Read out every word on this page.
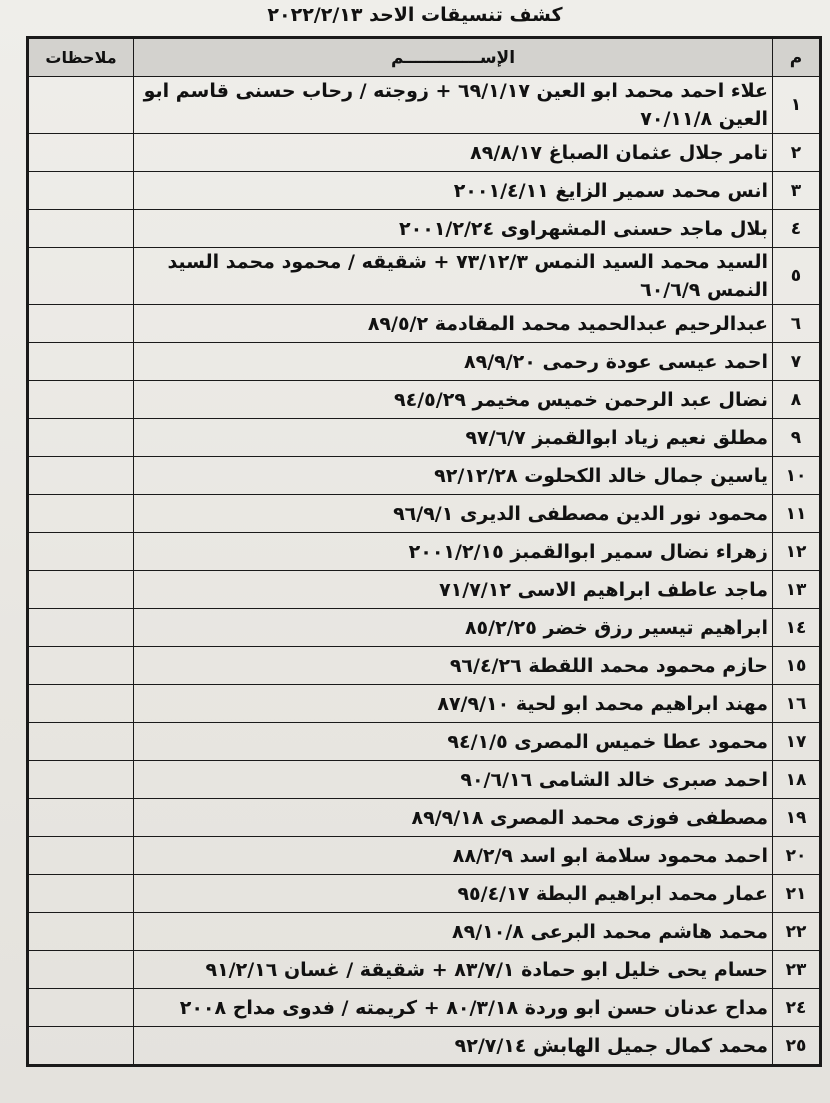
كشف تنسيقات الاحد ٢٠٢٢/٢/١٣
م	الإســـــــــــــم	ملاحظات
١	علاء احمد محمد ابو العين ٦٩/١/١٧ + زوجته / رحاب حسنى قاسم ابو العين ٧٠/١١/٨	
٢	تامر جلال عثمان الصباغ ٨٩/٨/١٧	
٣	انس محمد سمير الزايغ ٢٠٠١/٤/١١	
٤	بلال ماجد حسنى المشهراوى ٢٠٠١/٢/٢٤	
٥	السيد محمد السيد النمس ٧٣/١٢/٣ + شقيقه / محمود محمد السيد النمس ٦٠/٦/٩	
٦	عبدالرحيم عبدالحميد محمد المقادمة ٨٩/٥/٢	
٧	احمد عيسى عودة رحمى ٨٩/٩/٢٠	
٨	نضال عبد الرحمن خميس مخيمر ٩٤/٥/٢٩	
٩	مطلق نعيم زياد ابوالقمبز ٩٧/٦/٧	
١٠	ياسين جمال خالد الكحلوت ٩٢/١٢/٢٨	
١١	محمود نور الدين مصطفى الديرى ٩٦/٩/١	
١٢	زهراء نضال سمير ابوالقمبز ٢٠٠١/٢/١٥	
١٣	ماجد عاطف ابراهيم الاسى ٧١/٧/١٢	
١٤	ابراهيم تيسير رزق خضر ٨٥/٢/٢٥	
١٥	حازم محمود محمد اللقطة ٩٦/٤/٢٦	
١٦	مهند ابراهيم محمد ابو لحية ٨٧/٩/١٠	
١٧	محمود عطا خميس المصرى ٩٤/١/٥	
١٨	احمد صبرى خالد الشامى ٩٠/٦/١٦	
١٩	مصطفى فوزى محمد المصرى ٨٩/٩/١٨	
٢٠	احمد محمود سلامة ابو اسد ٨٨/٢/٩	
٢١	عمار محمد ابراهيم البطة ٩٥/٤/١٧	
٢٢	محمد هاشم محمد البرعى ٨٩/١٠/٨	
٢٣	حسام يحى خليل ابو حمادة ٨٣/٧/١ + شقيقة / غسان ٩١/٢/١٦	
٢٤	مداح عدنان حسن ابو وردة ٨٠/٣/١٨ + كريمته / فدوى مداح ٢٠٠٨	
٢٥	محمد كمال جميل الهابش ٩٢/٧/١٤	
